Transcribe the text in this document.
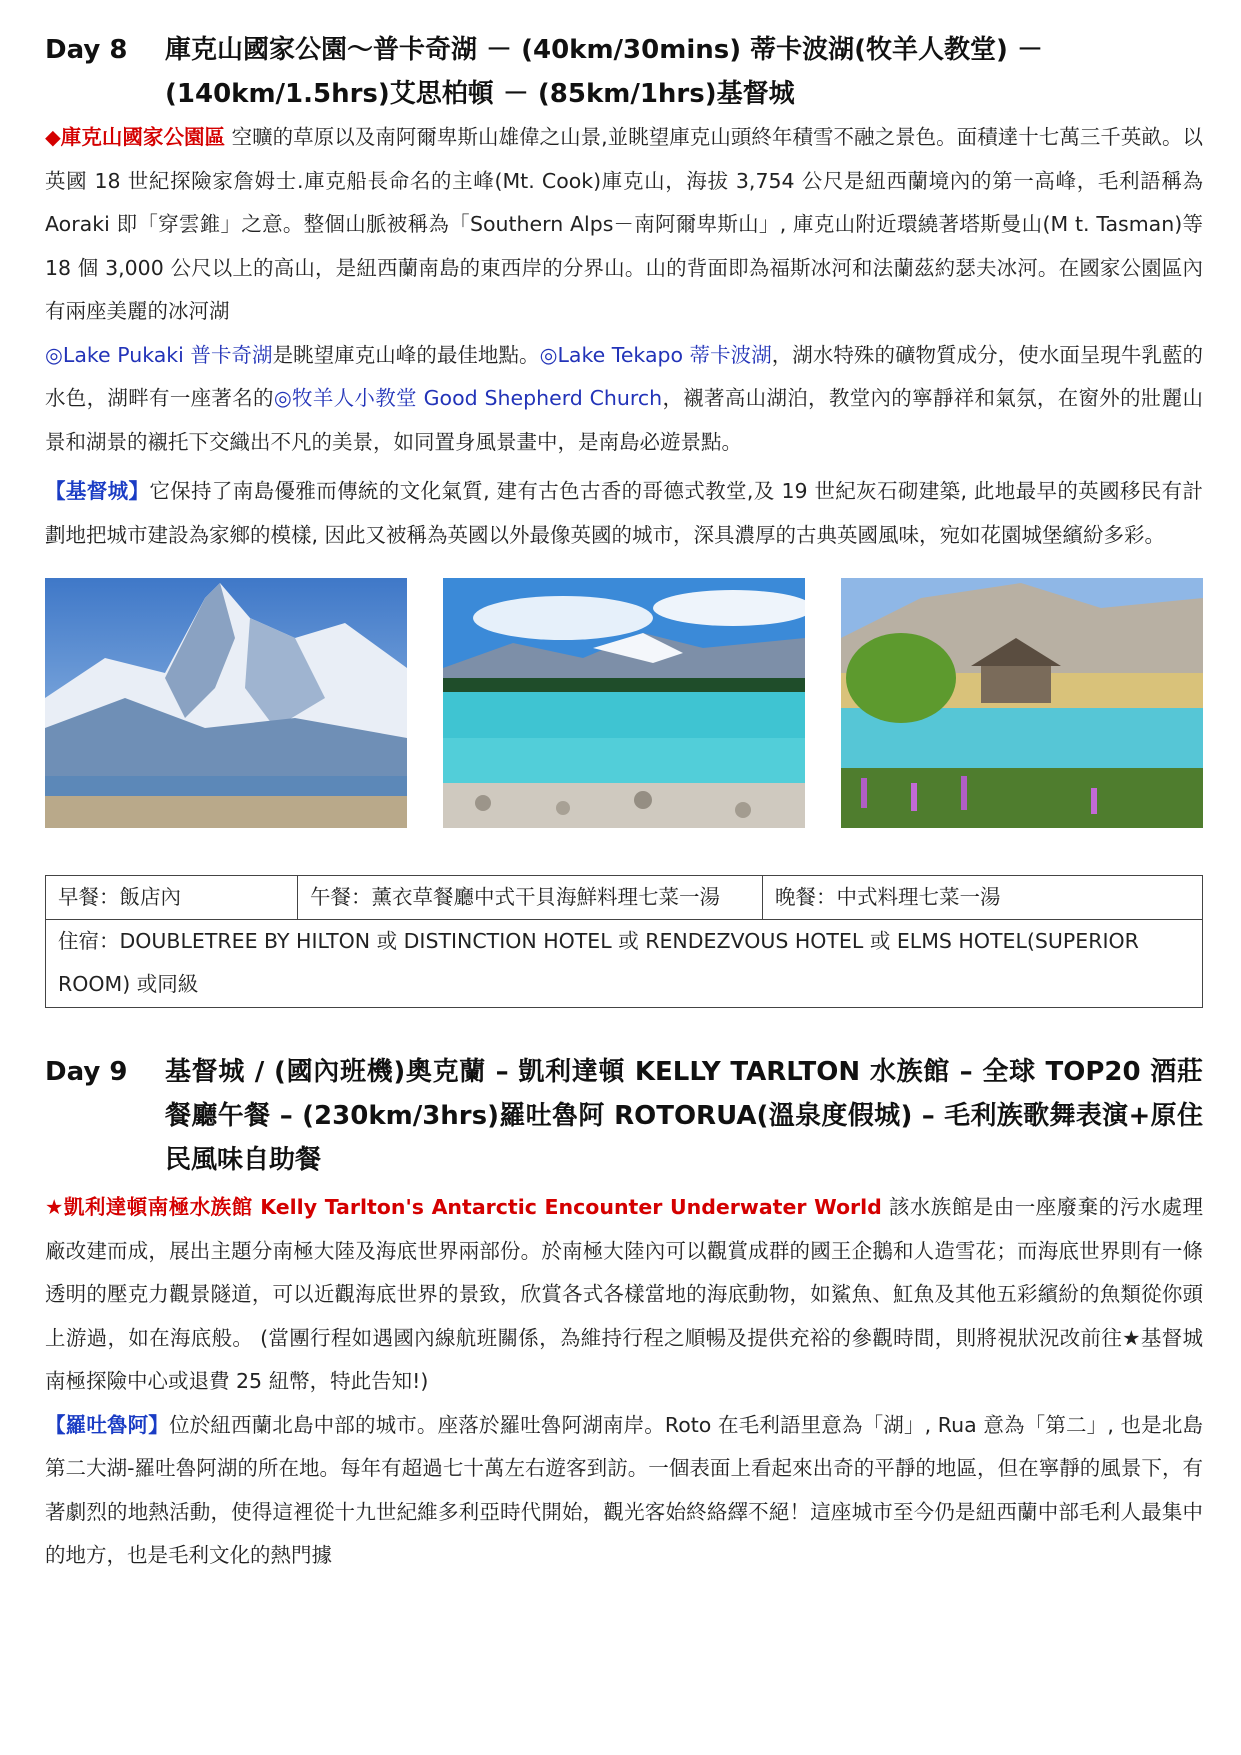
Day 8	庫克山國家公園～普卡奇湖 － (40km/30mins) 蒂卡波湖(牧羊人教堂) －
(140km/1.5hrs)艾思柏頓 － (85km/1hrs)基督城

◆庫克山國家公園區 空曠的草原以及南阿爾卑斯山雄偉之山景,並眺望庫克山頭終年積雪不融之景色。面積達十七萬三千英畝。以英國 18 世紀探險家詹姆士.庫克船長命名的主峰(Mt. Cook)庫克山，海拔 3,754 公尺是紐西蘭境內的第一高峰，毛利語稱為 Aoraki 即「穿雲錐」之意。整個山脈被稱為「Southern Alps－南阿爾卑斯山」, 庫克山附近環繞著塔斯曼山(M t. Tasman)等 18 個 3,000 公尺以上的高山，是紐西蘭南島的東西岸的分界山。山的背面即為福斯冰河和法蘭茲約瑟夫冰河。在國家公園區內有兩座美麗的冰河湖
◎Lake Pukaki 普卡奇湖是眺望庫克山峰的最佳地點。◎Lake Tekapo 蒂卡波湖，湖水特殊的礦物質成分，使水面呈現牛乳藍的水色，湖畔有一座著名的◎牧羊人小教堂 Good Shepherd Church，襯著高山湖泊，教堂內的寧靜祥和氣氛，在窗外的壯麗山景和湖景的襯托下交織出不凡的美景，如同置身風景畫中，是南島必遊景點。

【基督城】它保持了南島優雅而傳統的文化氣質, 建有古色古香的哥德式教堂,及 19 世紀灰石砌建築, 此地最早的英國移民有計劃地把城市建設為家鄉的模樣, 因此又被稱為英國以外最像英國的城市，深具濃厚的古典英國風味，宛如花園城堡繽紛多彩。

早餐：飯店內	午餐：薰衣草餐廳中式干貝海鮮料理七菜一湯	晚餐：中式料理七菜一湯
住宿：DOUBLETREE BY HILTON 或 DISTINCTION HOTEL 或 RENDEZVOUS HOTEL 或 ELMS HOTEL(SUPERIOR ROOM) 或同級
Day 9	基督城 / (國內班機)奧克蘭 – 凱利達頓 KELLY TARLTON 水族館 – 全球 TOP20 酒莊餐廳午餐 – (230km/3hrs)羅吐魯阿 ROTORUA(溫泉度假城) – 毛利族歌舞表演+原住民風味自助餐

★凱利達頓南極水族館 Kelly Tarlton's Antarctic Encounter Underwater World 該水族館是由一座廢棄的污水處理廠改建而成，展出主題分南極大陸及海底世界兩部份。於南極大陸內可以觀賞成群的國王企鵝和人造雪花；而海底世界則有一條透明的壓克力觀景隧道，可以近觀海底世界的景致，欣賞各式各樣當地的海底動物，如鯊魚、魟魚及其他五彩繽紛的魚類從你頭上游過，如在海底般。 (當團行程如遇國內線航班關係，為維持行程之順暢及提供充裕的參觀時間，則將視狀況改前往★基督城南極探險中心或退費 25 紐幣，特此告知!)

【羅吐魯阿】位於紐西蘭北島中部的城市。座落於羅吐魯阿湖南岸。Roto 在毛利語里意為「湖」, Rua 意為「第二」, 也是北島第二大湖-羅吐魯阿湖的所在地。每年有超過七十萬左右遊客到訪。一個表面上看起來出奇的平靜的地區，但在寧靜的風景下，有著劇烈的地熱活動，使得這裡從十九世紀維多利亞時代開始，觀光客始終絡繹不絕！這座城市至今仍是紐西蘭中部毛利人最集中的地方，也是毛利文化的熱門據
